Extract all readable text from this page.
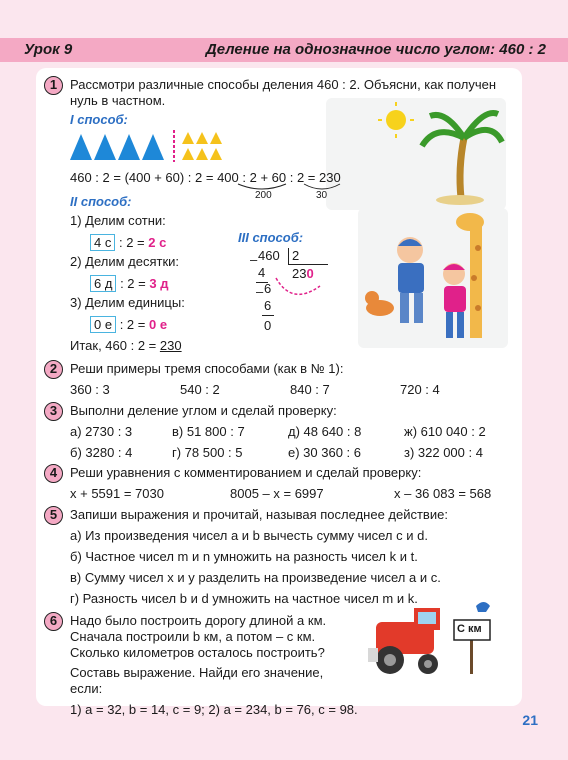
Урок 9	Деление на однозначное число углом: 460 : 2
1 Рассмотри различные способы деления 460 : 2. Объясни, как получен
нуль в частном.
I способ:
460 : 2 = (400 + 60) : 2 = 400 : 2 + 60 : 2 = 230
200	30
II способ:
1) Делим сотни:
4 с : 2 = 2 с
2) Делим десятки:
6 д : 2 = 3 д
3) Делим единицы:
0 е : 2 = 0 е
Итак, 460 : 2 = 230
III способ:
– 460 2
230
4
– 6
6
0
2 Реши примеры тремя способами (как в № 1):
360 : 3	540 : 2	840 : 7	720 : 4
3 Выполни деление углом и сделай проверку:
а) 2730 : 3	в) 51 800 : 7	д) 48 640 : 8	ж) 610 040 : 2
б) 3280 : 4	г) 78 500 : 5	е) 30 360 : 6	з) 322 000 : 4
4 Реши уравнения с комментированием и сделай проверку:
x + 5591 = 7030	8005 – x = 6997	x – 36 083 = 568
5 Запиши выражения и прочитай, называя последнее действие:
а) Из произведения чисел a и b вычесть сумму чисел c и d.
б) Частное чисел m и n умножить на разность чисел k и t.
в) Сумму чисел x и y разделить на произведение чисел a и c.
г) Разность чисел b и d умножить на частное чисел m и k.
6 Надо было построить дорогу длиной a км.
Сначала построили b км, а потом – c км.
Сколько километров осталось построить?
Составь выражение. Найди его значение,
если:
1) a = 32, b = 14, c = 9; 2) a = 234, b = 76, c = 98.
С км
21
